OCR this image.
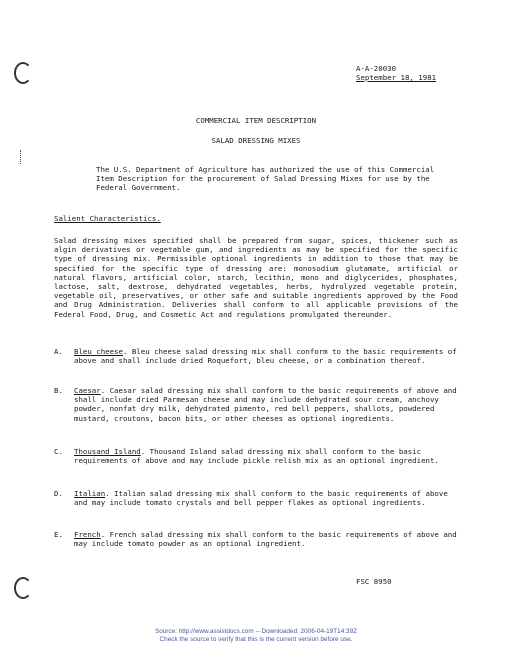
A-A-20030
September 18, 1981
COMMERCIAL ITEM DESCRIPTION
SALAD DRESSING MIXES
The U.S. Department of Agriculture has authorized the use of this Commercial Item Description for the procurement of Salad Dressing Mixes for use by the Federal Government.
Salient Characteristics.
Salad dressing mixes specified shall be prepared from sugar, spices, thickener such as algin derivatives or vegetable gum, and ingredients as may be specified for the specific type of dressing mix. Permissible optional ingredients in addition to those that may be specified for the specific type of dressing are: monosodium glutamate, artificial or natural flavors, artificial color, starch, lecithin, mono and diglycerides, phosphates, lactose, salt, dextrose, dehydrated vegetables, herbs, hydrolyzed vegetable protein, vegetable oil, preservatives, or other safe and suitable ingredients approved by the Food and Drug Administration. Deliveries shall conform to all applicable provisions of the Federal Food, Drug, and Cosmetic Act and regulations promulgated thereunder.

A.

Bleu cheese. Bleu cheese salad dressing mix shall conform to the basic requirements of above and shall include dried Roquefort, bleu cheese, or a combination thereof.

B.

Caesar. Caesar salad dressing mix shall conform to the basic requirements of above and shall include dried Parmesan cheese and may include dehydrated sour cream, anchovy powder, nonfat dry milk, dehydrated pimento, red bell peppers, shallots, powdered mustard, croutons, bacon bits, or other cheeses as optional ingredients.

C.

Thousand Island. Thousand Island salad dressing mix shall conform to the basic requirements of above and may include pickle relish mix as an optional ingredient.

D.

Italian. Italian salad dressing mix shall conform to the basic requirements of above and may include tomato crystals and bell pepper flakes as optional ingredients.

E.

French. French salad dressing mix shall conform to the basic requirements of above and may include tomato powder as an optional ingredient.

FSC 8950
Source: http://www.assistdocs.com -- Downloaded: 2006-04-19T14:39Z
Check the source to verify that this is the current version before use.
